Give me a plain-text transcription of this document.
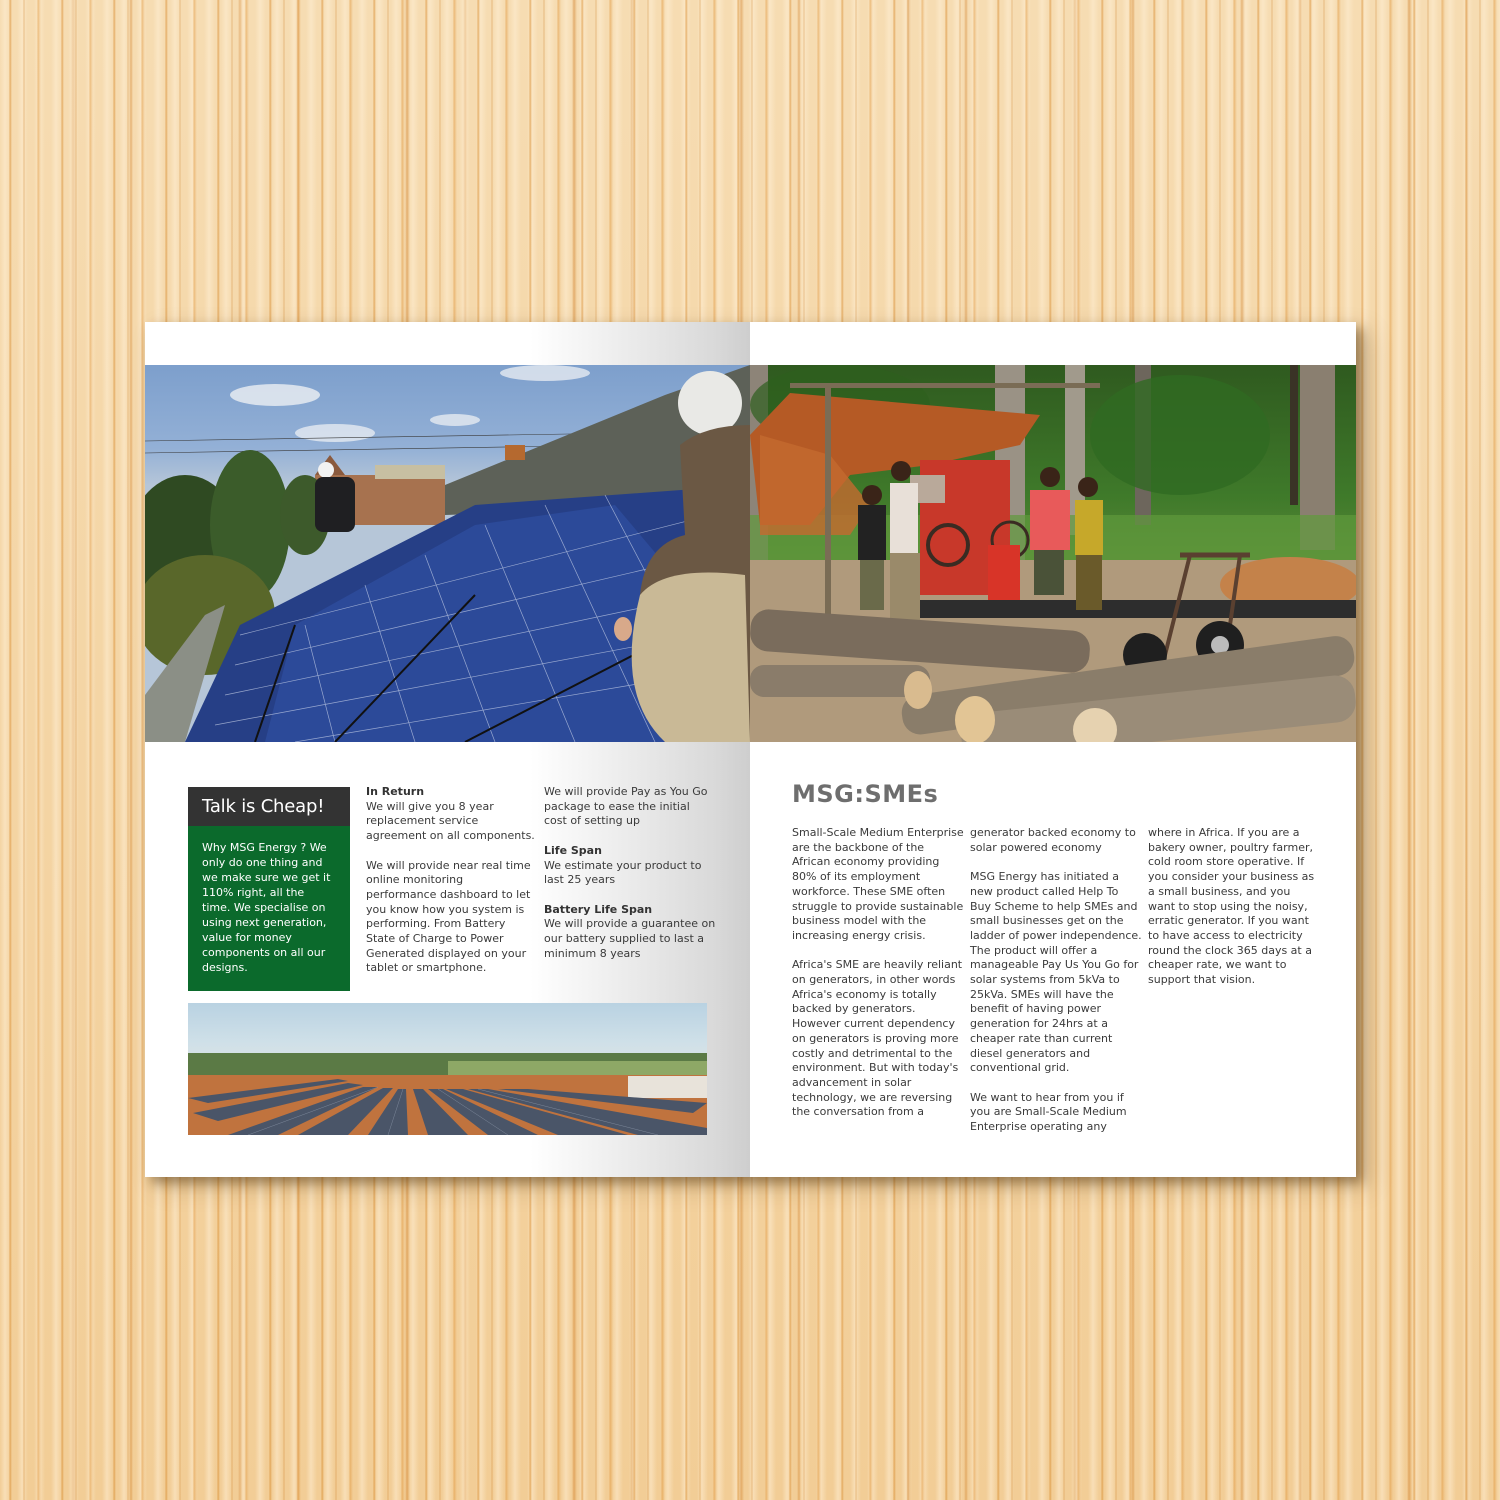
Talk is Cheap!
Why MSG Energy ? We only do one thing and we make sure we get it 110% right, all the time. We specialise on using next generation, value for money components on all our designs.
In Return

We will give you 8 year replacement service agreement on all components.

We will provide near real time online monitoring performance dashboard to let you know how you system is performing. From Battery State of Charge to Power Generated displayed on your tablet or smartphone.

We will provide Pay as You Go package to ease the initial cost of setting up

Life Span

We estimate your product to last 25 years

Battery Life Span

We will provide a guarantee on our battery supplied to last a minimum 8 years

MSG:SMEs

Small-Scale Medium Enterprise are the backbone of the African economy providing 80% of its employment workforce. These SME often struggle to provide sustainable business model with the increasing energy crisis.

Africa's SME are heavily reliant on generators, in other words Africa's economy is totally backed by generators. However current dependency on generators is proving more costly and detrimental to the environment. But with today's advancement in solar technology, we are reversing the conversation from a

generator backed economy to solar powered economy

MSG Energy has initiated a new product called Help To Buy Scheme to help SMEs and small businesses get on the ladder of power independence. The product will offer a manageable Pay Us You Go for solar systems from 5kVa to 25kVa. SMEs will have the benefit of having power generation for 24hrs at a cheaper rate than current diesel generators and conventional grid.

We want to hear from you if you are Small-Scale Medium Enterprise operating any

where in Africa. If you are a bakery owner, poultry farmer, cold room store operative. If you consider your business as a small business, and you want to stop using the noisy, erratic generator. If you want to have access to electricity round the clock 365 days at a cheaper rate, we want to support that vision.
